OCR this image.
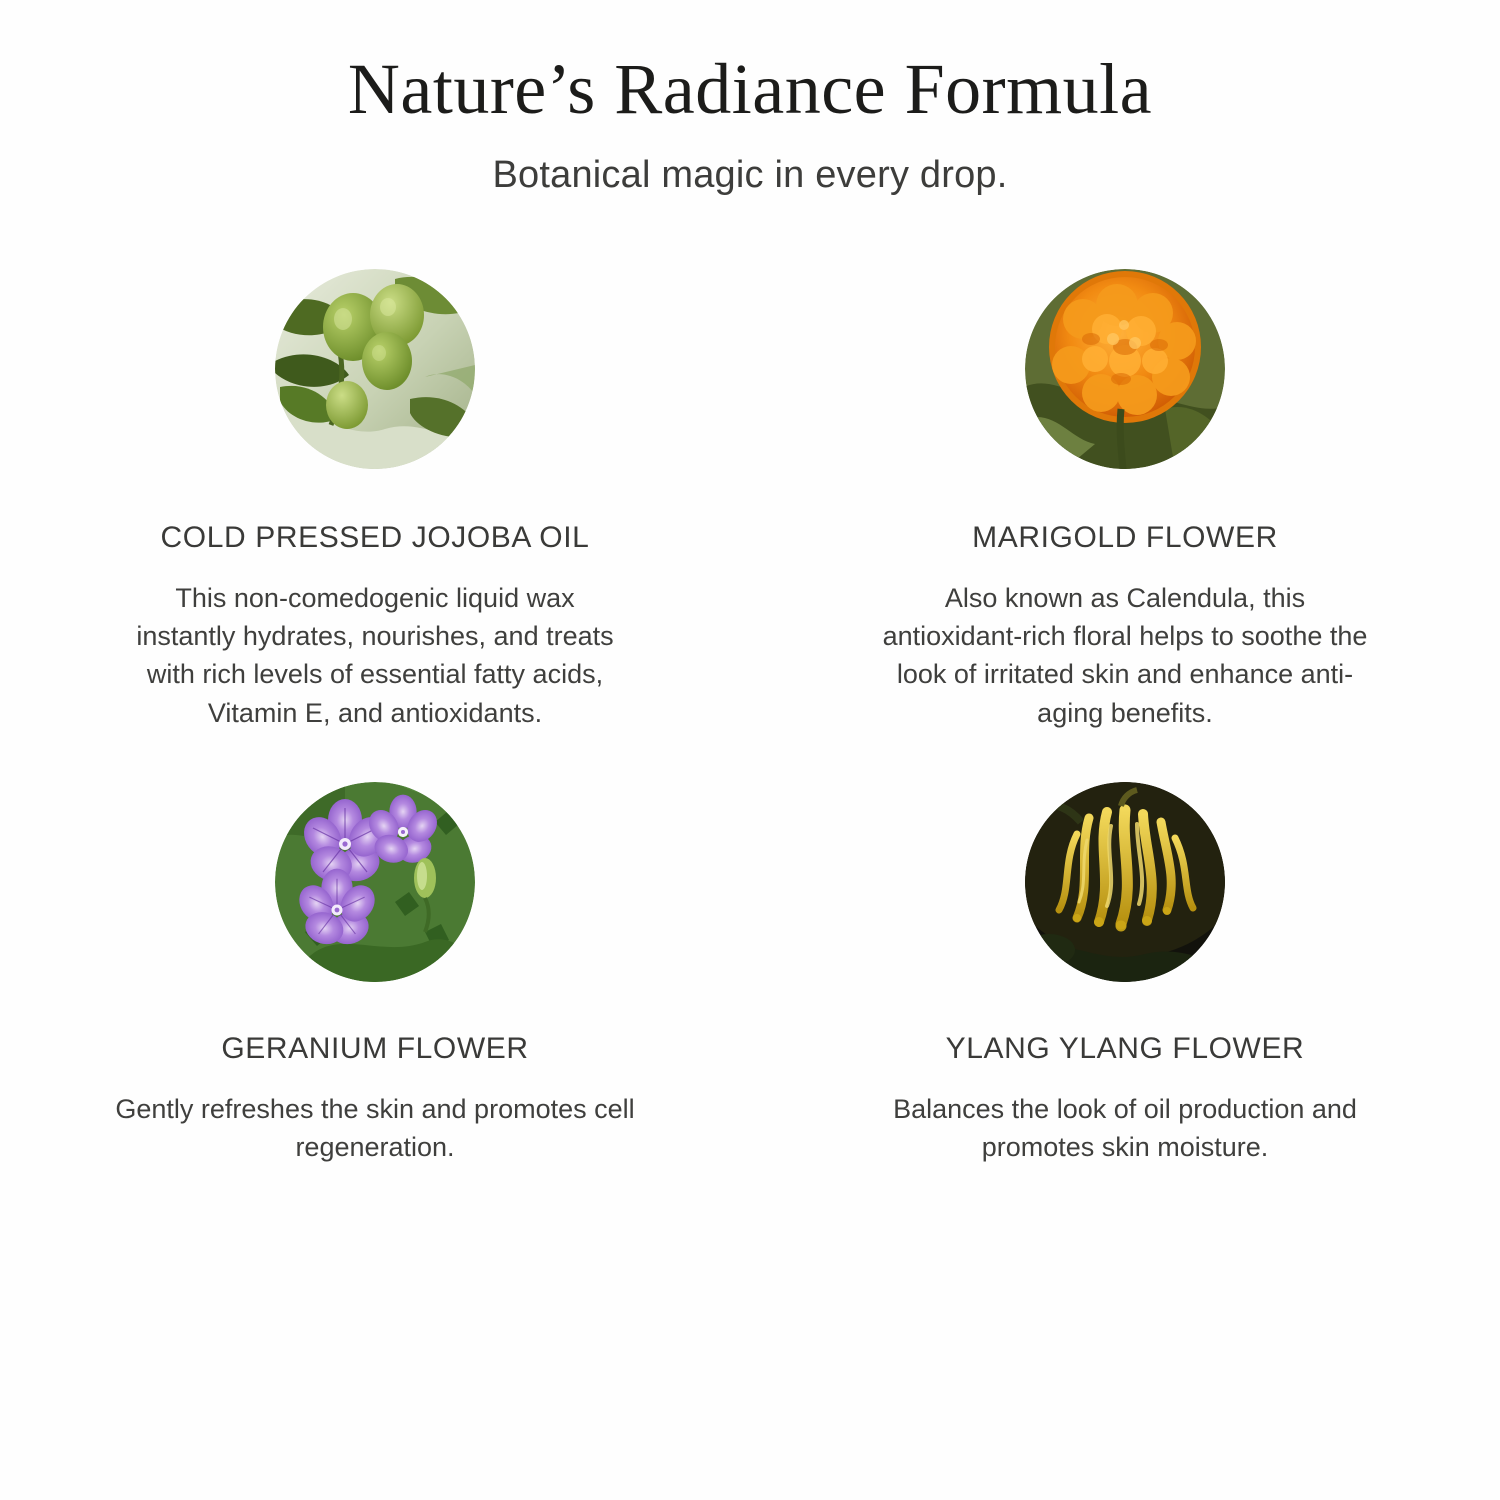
Nature’s Radiance Formula

Botanical magic in every drop.

COLD PRESSED JOJOBA OIL
This non-comedogenic liquid wax instantly hydrates, nourishes, and treats with rich levels of essential fatty acids, Vitamin E, and antioxidants.
MARIGOLD FLOWER
Also known as Calendula, this antioxidant-rich floral helps to soothe the look of irritated skin and enhance anti-aging benefits.
GERANIUM FLOWER
Gently refreshes the skin and promotes cell regeneration.
YLANG YLANG FLOWER
Balances the look of oil production and promotes skin moisture.
